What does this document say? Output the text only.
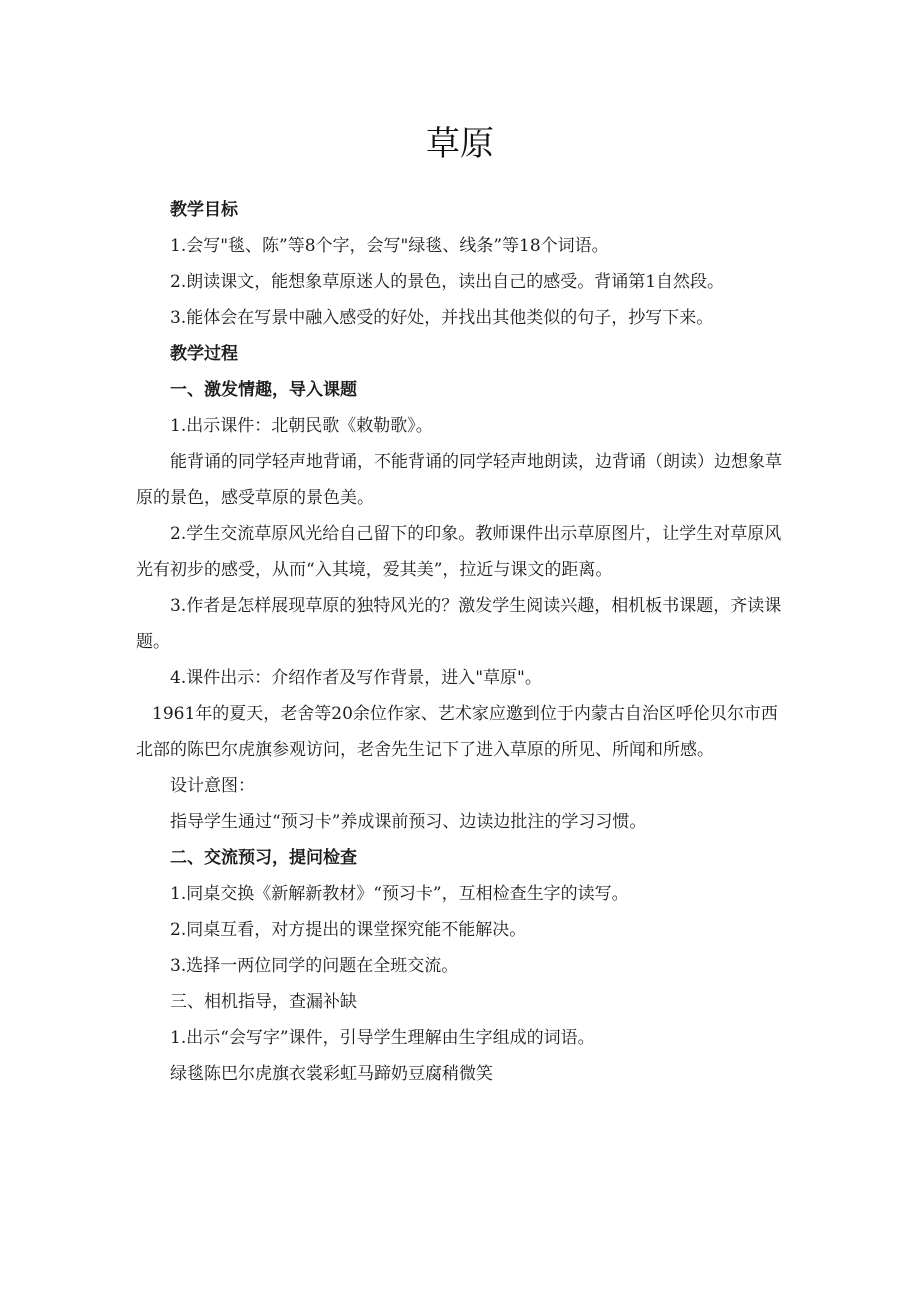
草原

教学目标

1.会写"毯、陈”等8个字，会写"绿毯、线条”等18个词语。

2.朗读课文，能想象草原迷人的景色，读出自己的感受。背诵第1自然段。

3.能体会在写景中融入感受的好处，并找出其他类似的句子，抄写下来。

教学过程

一、激发情趣，导入课题

1.出示课件：北朝民歌《敕勒歌》。

能背诵的同学轻声地背诵，不能背诵的同学轻声地朗读，边背诵（朗读）边想象草原的景色，感受草原的景色美。

2.学生交流草原风光给自己留下的印象。教师课件出示草原图片，让学生对草原风光有初步的感受，从而“入其境，爱其美”，拉近与课文的距离。

3.作者是怎样展现草原的独特风光的？激发学生阅读兴趣，相机板书课题，齐读课题。

4.课件出示：介绍作者及写作背景，进入"草原"。

1961年的夏天，老舍等20余位作家、艺术家应邀到位于内蒙古自治区呼伦贝尔市西北部的陈巴尔虎旗参观访问，老舍先生记下了进入草原的所见、所闻和所感。

设计意图：

指导学生通过“预习卡”养成课前预习、边读边批注的学习习惯。

二、交流预习，提问检查

1.同桌交换《新解新教材》“预习卡”，互相检查生字的读写。

2.同桌互看，对方提出的课堂探究能不能解决。

3.选择一两位同学的问题在全班交流。

三、相机指导，查漏补缺

1.出示“会写字”课件，引导学生理解由生字组成的词语。

绿毯陈巴尔虎旗衣裳彩虹马蹄奶豆腐稍微笑
